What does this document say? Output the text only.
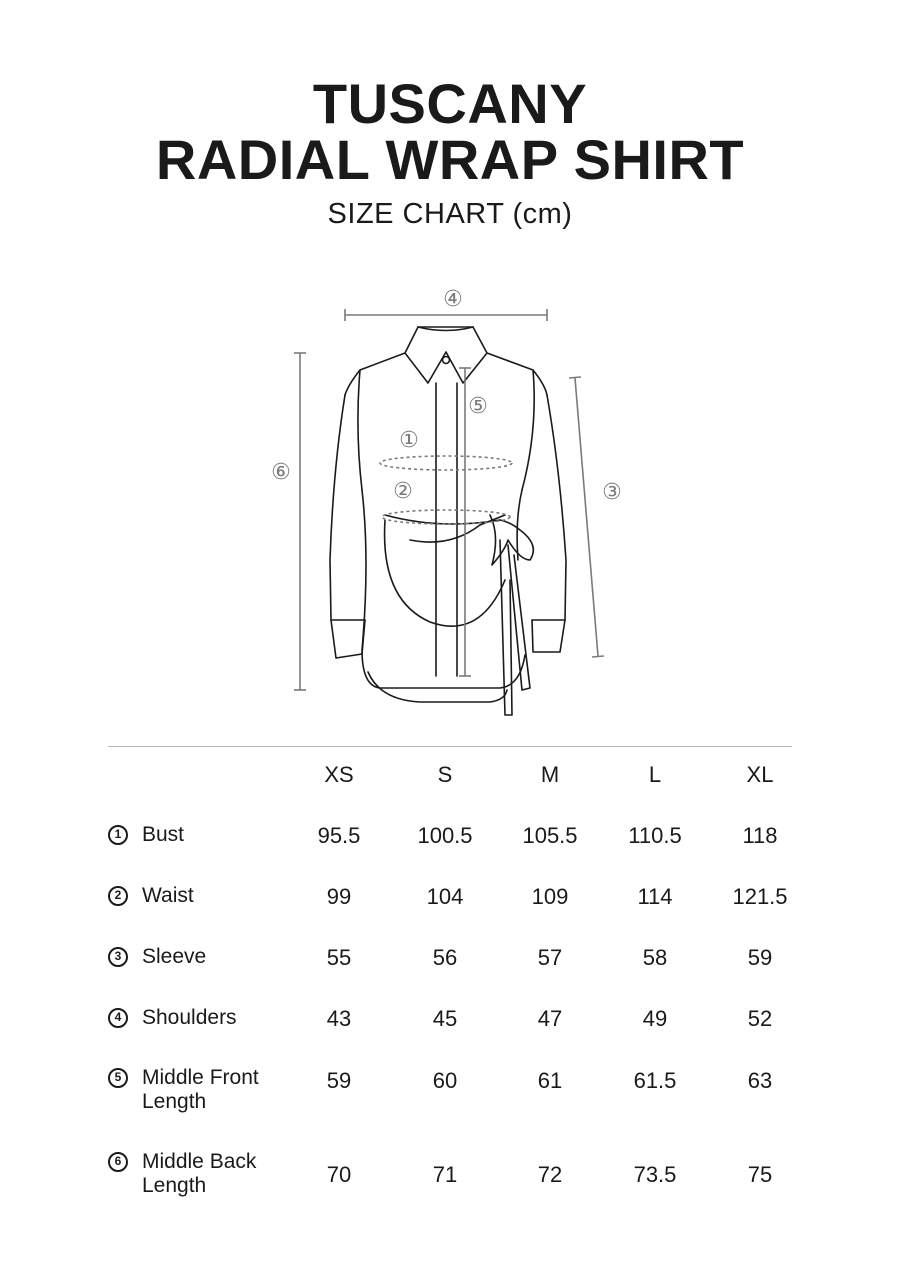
TUSCANY
RADIAL WRAP SHIRT
SIZE CHART (cm)
④
⑥
③
⑤
①
②
XS	S	M	L	XL
1 Bust	95.5	100.5	105.5	110.5	118
2 Waist	99	104	109	114	121.5
3 Sleeve	55	56	57	58	59
4 Shoulders	43	45	47	49	52
5 Middle Front
Length
59	60	61	61.5	63
6 Middle Back
Length	70	71	72	73.5	75
